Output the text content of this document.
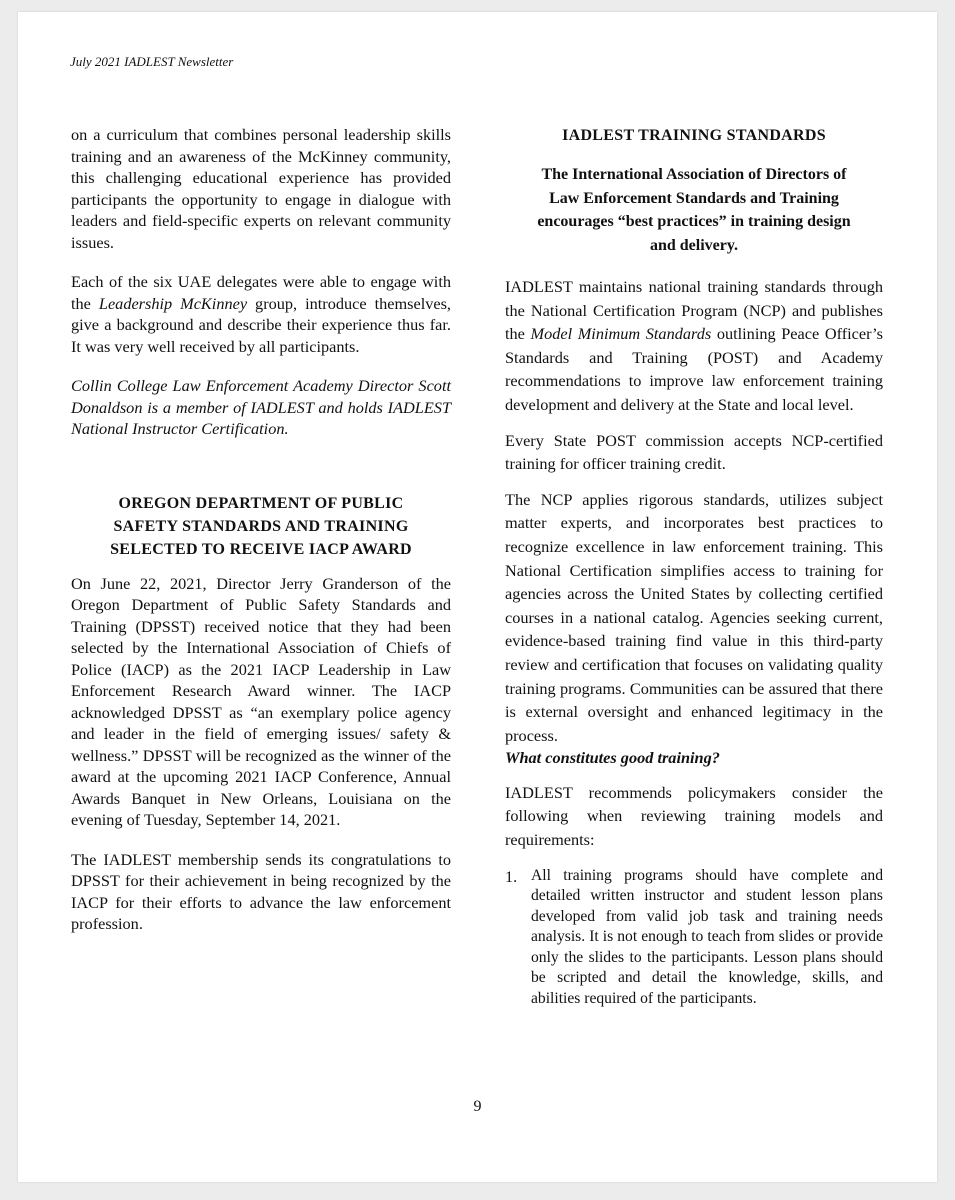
July 2021 IADLEST Newsletter

on a curriculum that combines personal leadership skills training and an awareness of the McKinney community, this challenging educational experience has provided participants the opportunity to engage in dialogue with leaders and field-specific experts on relevant community issues.

Each of the six UAE delegates were able to engage with the Leadership McKinney group, introduce themselves, give a background and describe their experience thus far. It was very well received by all participants.

Collin College Law Enforcement Academy Director Scott Donaldson is a member of IADLEST and holds IADLEST National Instructor Certification.

OREGON DEPARTMENT OF PUBLIC
SAFETY STANDARDS AND TRAINING
SELECTED TO RECEIVE IACP AWARD

On June 22, 2021, Director Jerry Granderson of the Oregon Department of Public Safety Standards and Training (DPSST) received notice that they had been selected by the International Association of Chiefs of Police (IACP) as the 2021 IACP Leadership in Law Enforcement Research Award winner. The IACP acknowledged DPSST as “an exemplary police agency and leader in the field of emerging issues/ safety & wellness.” DPSST will be recognized as the winner of the award at the upcoming 2021 IACP Conference, Annual Awards Banquet in New Orleans, Louisiana on the evening of Tuesday, September 14, 2021.

The IADLEST membership sends its congratulations to DPSST for their achievement in being recognized by the IACP for their efforts to advance the law enforcement profession.

IADLEST TRAINING STANDARDS
The International Association of Directors of
Law Enforcement Standards and Training
encourages “best practices” in training design
and delivery.

IADLEST maintains national training standards through the National Certification Program (NCP) and publishes the Model Minimum Standards outlining Peace Officer’s Standards and Training (POST) and Academy recommendations to improve law enforcement training development and delivery at the State and local level.

Every State POST commission accepts NCP-certified training for officer training credit.

The NCP applies rigorous standards, utilizes subject matter experts, and incorporates best practices to recognize excellence in law enforcement training. This National Certification simplifies access to training for agencies across the United States by collecting certified courses in a national catalog. Agencies seeking current, evidence-based training find value in this third-party review and certification that focuses on validating quality training programs. Communities can be assured that there is external oversight and enhanced legitimacy in the process.

What constitutes good training?

IADLEST recommends policymakers consider the following when reviewing training models and requirements:

1. All training programs should have complete and detailed written instructor and student lesson plans developed from valid job task and training needs analysis. It is not enough to teach from slides or provide only the slides to the participants. Lesson plans should be scripted and detail the knowledge, skills, and abilities required of the participants.
9
